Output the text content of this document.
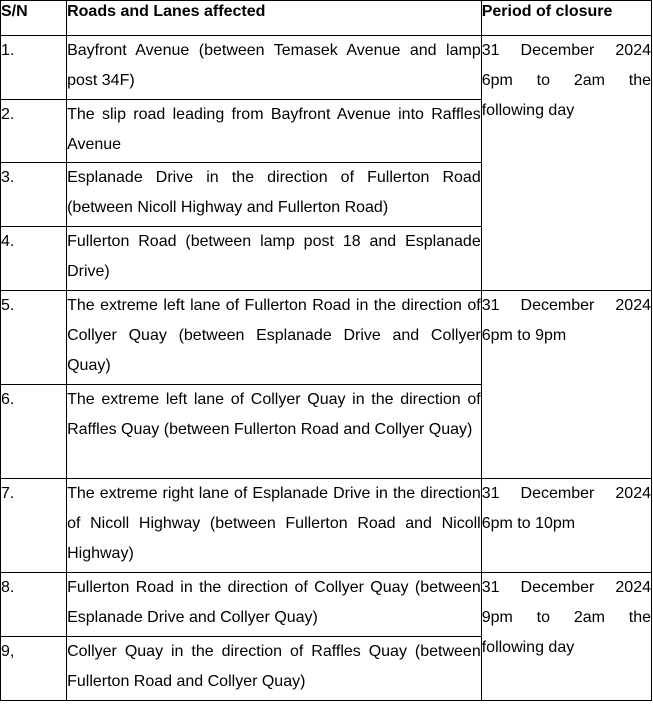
S/N	Roads and Lanes affected	Period of closure
1.	Bayfront Avenue (between Temasek Avenue and lamp post 34F)	31 December 2024 6pm to 2am the following day
2.	The slip road leading from Bayfront Avenue into Raffles Avenue	
3.	Esplanade Drive in the direction of Fullerton Road (between Nicoll Highway and Fullerton Road)	
4.	Fullerton Road (between lamp post 18 and Esplanade Drive)	
5.	The extreme left lane of Fullerton Road in the direction of Collyer Quay (between Esplanade Drive and Collyer Quay)	31 December 2024 6pm to 9pm
6.	The extreme left lane of Collyer Quay in the direction of Raffles Quay (between Fullerton Road and Collyer Quay)	
7.	The extreme right lane of Esplanade Drive in the direction of Nicoll Highway (between Fullerton Road and Nicoll Highway)	31 December 2024 6pm to 10pm
8.	Fullerton Road in the direction of Collyer Quay (between Esplanade Drive and Collyer Quay)	31 December 2024 9pm to 2am the following day
9,	Collyer Quay in the direction of Raffles Quay (between Fullerton Road and Collyer Quay)	
